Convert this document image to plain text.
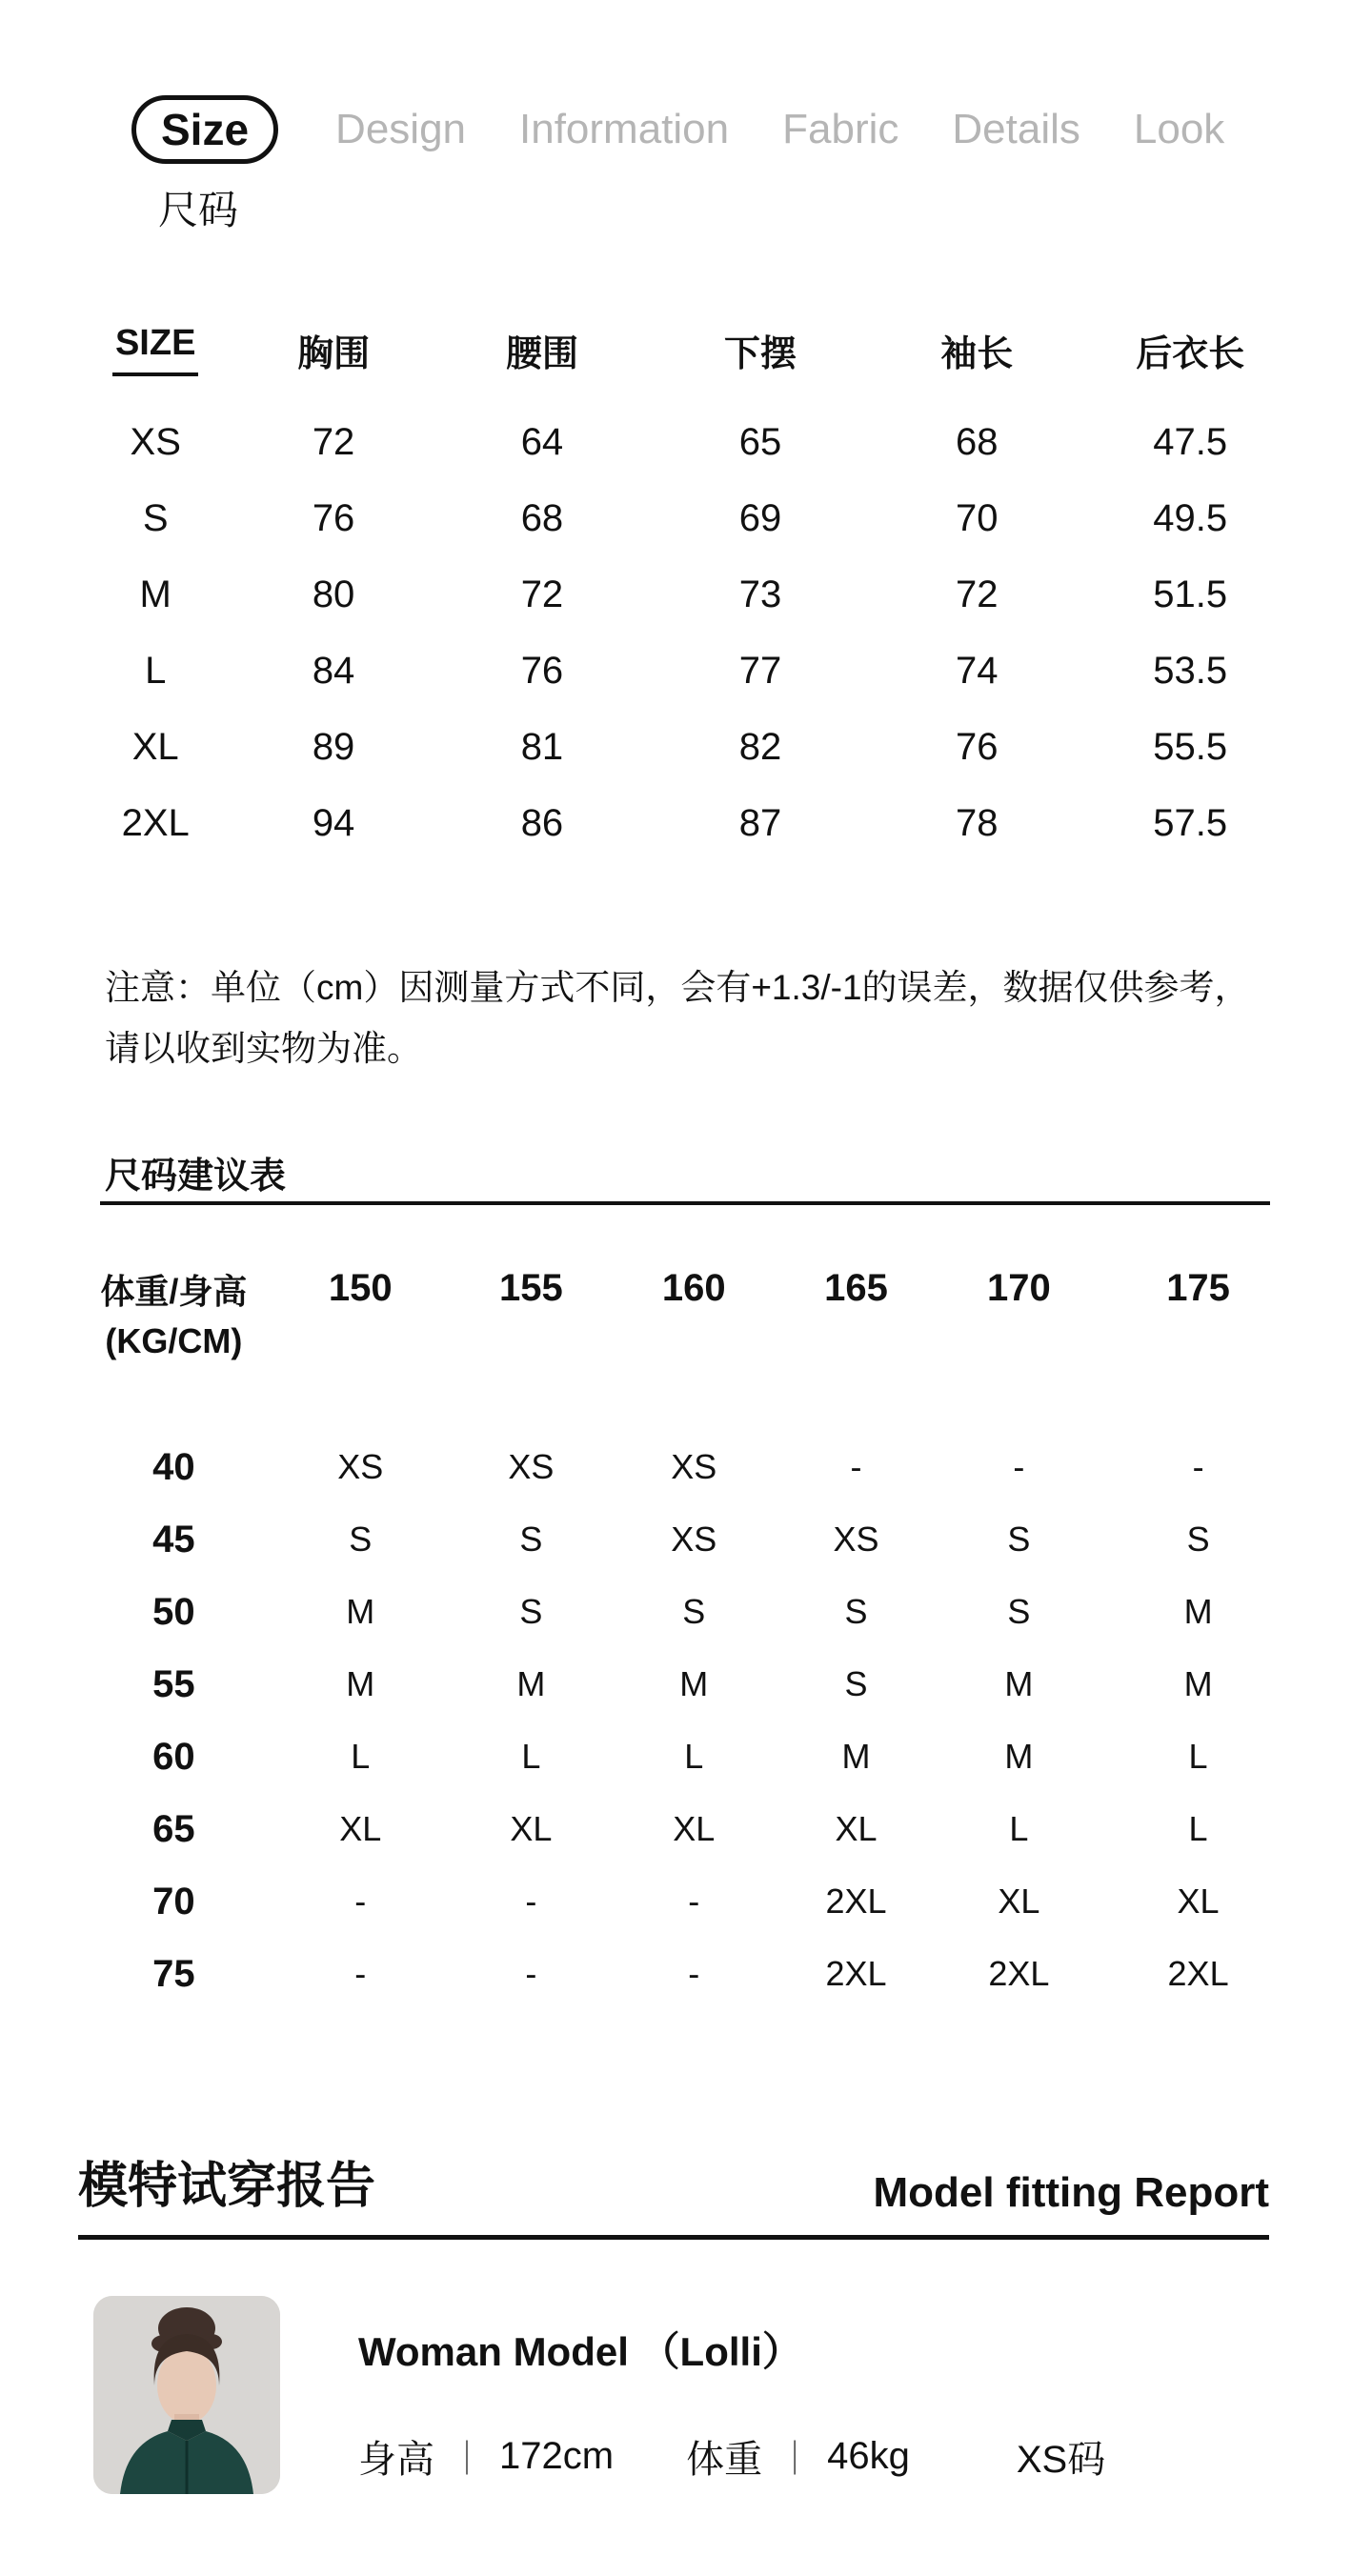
Size	Design Information Fabric Details Look
尺码
SIZE	胸围	腰围	下摆	袖长	后衣长
XS	72	64	65	68	47.5
S	76	68	69	70	49.5
M	80	72	73	72	51.5
L	84	76	77	74	53.5
XL	89	81	82	76	55.5
2XL	94	86	87	78	57.5
注意：单位（cm）因测量方式不同，会有+1.3/-1的误差，数据仅供参考，
请以收到实物为准。
尺码建议表
体重/身高
(KG/CM)
150	155	160	165	170	175
40	XS	XS	XS	-	-	-
45	S	S	XS	XS	S	S
50	M	S	S	S	S	M
55	M	M	M	S	M	M
60	L	L	L	M	M	L
65	XL	XL	XL	XL	L	L
70	-	-	-	2XL	XL	XL
75	-	-	-	2XL	2XL	2XL
模特试穿报告	Model fitting Report
Woman Model （Lolli）
身高 ｜ 172cm 体重 ｜ 46kg	XS码
